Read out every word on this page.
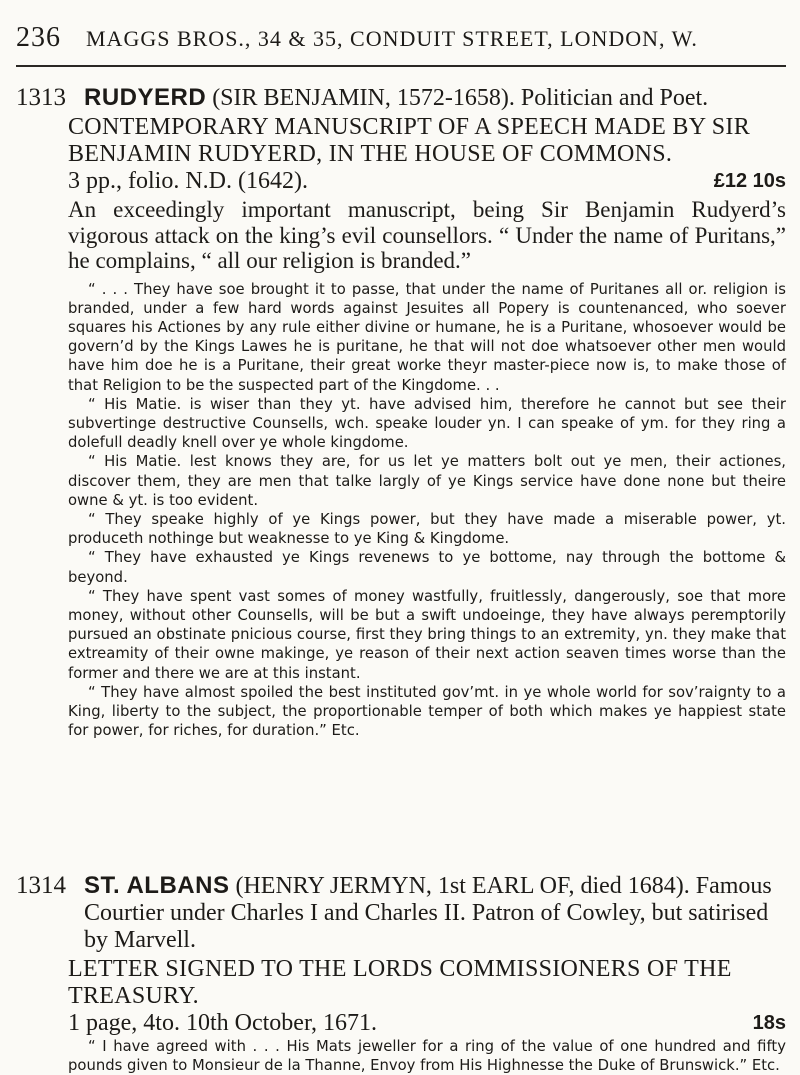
236	MAGGS BROS., 34 & 35, CONDUIT STREET, LONDON, W.
1313 RUDYERD (SIR BENJAMIN, 1572-1658). Politician and Poet.

CONTEMPORARY MANUSCRIPT OF A SPEECH MADE BY SIR BENJAMIN RUDYERD, IN THE HOUSE OF COMMONS.

3 pp., folio. N.D. (1642).	£12 10s

An exceedingly important manuscript, being Sir Benjamin Rudyerd’s vigorous attack on the king’s evil counsellors. “ Under the name of Puritans,” he complains, “ all our religion is branded.”

“ . . . They have soe brought it to passe, that under the name of Puritanes all or. religion is branded, under a few hard words against Jesuites all Popery is countenanced, who soever squares his Actiones by any rule either divine or humane, he is a Puritane, whosoever would be govern’d by the Kings Lawes he is puritane, he that will not doe whatsoever other men would have him doe he is a Puritane, their great worke theyr master-piece now is, to make those of that Religion to be the suspected part of the Kingdome. . .

“ His Matie. is wiser than they yt. have advised him, therefore he cannot but see their subvertinge destructive Counsells, wch. speake louder yn. I can speake of ym. for they ring a dolefull deadly knell over ye whole kingdome.

“ His Matie. lest knows they are, for us let ye matters bolt out ye men, their actiones, discover them, they are men that talke largly of ye Kings service have done none but theire owne & yt. is too evident.

“ They speake highly of ye Kings power, but they have made a miserable power, yt. produceth nothinge but weaknesse to ye King & Kingdome.

“ They have exhausted ye Kings revenews to ye bottome, nay through the bottome & beyond.

“ They have spent vast somes of money wastfully, fruitlessly, dangerously, soe that more money, without other Counsells, will be but a swift undoeinge, they have always peremptorily pursued an obstinate pnicious course, first they bring things to an extremity, yn. they make that extreamity of their owne makinge, ye reason of their next action seaven times worse than the former and there we are at this instant.

“ They have almost spoiled the best instituted gov’mt. in ye whole world for sov’raignty to a King, liberty to the subject, the proportionable temper of both which makes ye happiest state for power, for riches, for duration.” Etc.

1314 ST. ALBANS (HENRY JERMYN, 1st EARL OF, died 1684). Famous Courtier under Charles I and Charles II. Patron of Cowley, but satirised by Marvell.

LETTER SIGNED TO THE LORDS COMMISSIONERS OF THE TREASURY.

1 page, 4to. 10th October, 1671.	18s

“ I have agreed with . . . His Mats jeweller for a ring of the value of one hundred and fifty pounds given to Monsieur de la Thanne, Envoy from His Highnesse the Duke of Brunswick.” Etc.
